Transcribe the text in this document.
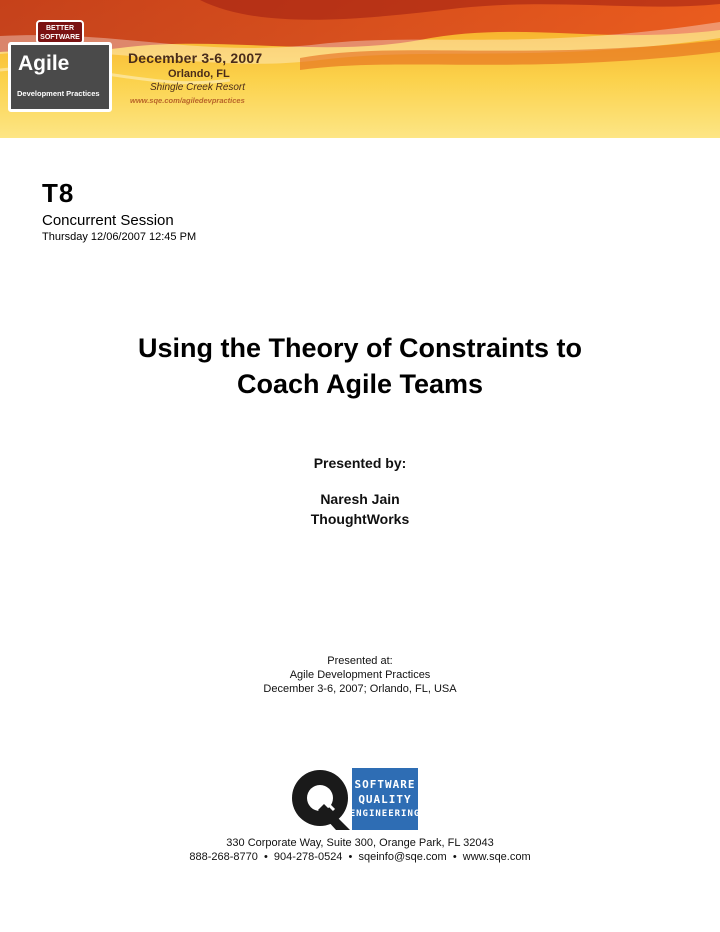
Agile
Development Practices
BETTER SOFTWARE
December 3-6, 2007
Orlando, FL
Shingle Creek Resort
www.sqe.com/agiledevpractices
T8
Concurrent Session
Thursday 12/06/2007 12:45 PM
Using the Theory of Constraints to
Coach Agile Teams
Presented by:
Naresh Jain
ThoughtWorks
Presented at:
Agile Development Practices
December 3-6, 2007; Orlando, FL, USA
SOFTWARE
QUALITY
ENGINEERING
330 Corporate Way, Suite 300, Orange Park, FL 32043
888-268-8770  •  904-278-0524  •  sqeinfo@sqe.com  •  www.sqe.com
